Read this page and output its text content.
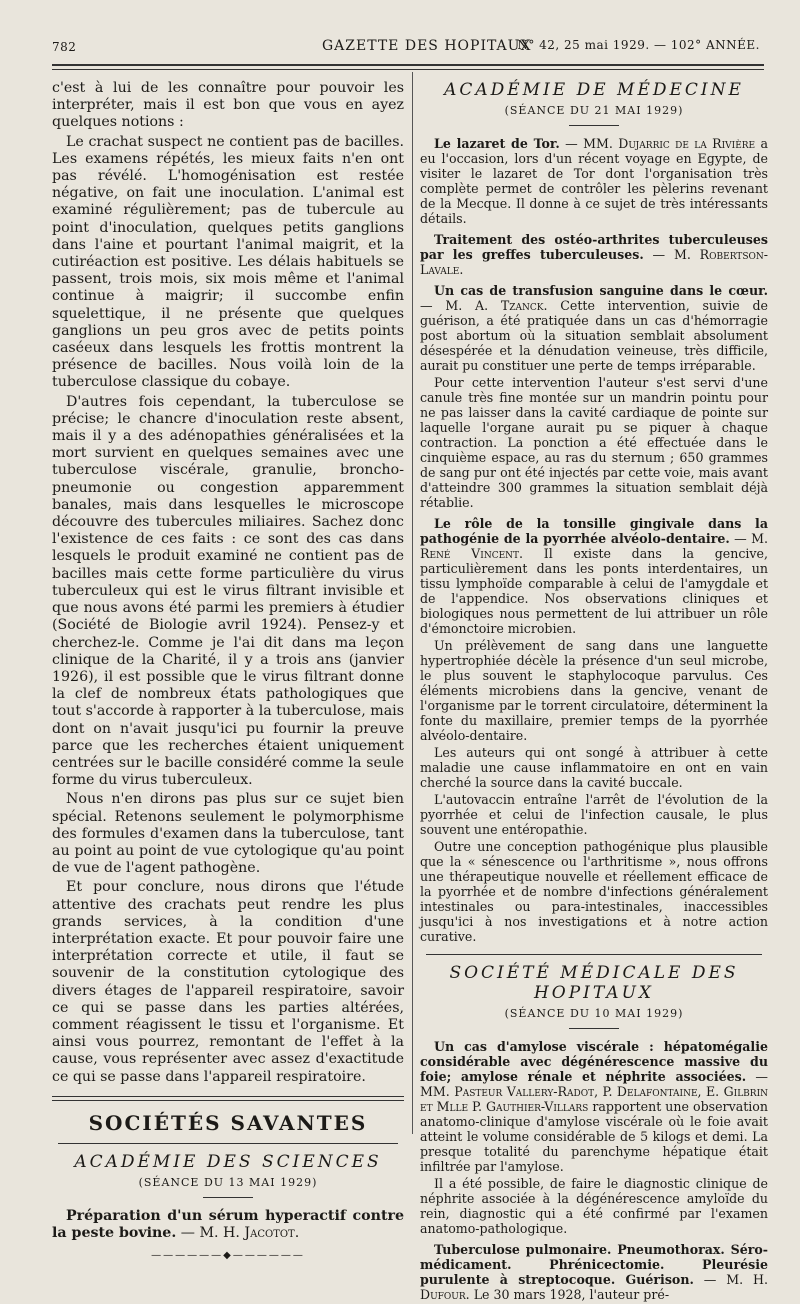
782	GAZETTE DES HOPITAUX
N° 42, 25 mai 1929. — 102° ANNÉE.

c'est à lui de les connaître pour pouvoir les interpréter, mais il est bon que vous en ayez quelques notions :

Le crachat suspect ne contient pas de bacilles. Les examens répétés, les mieux faits n'en ont pas révélé. L'homogénisation est restée négative, on fait une inoculation. L'animal est examiné régulièrement; pas de tubercule au point d'inoculation, quelques petits ganglions dans l'aine et pourtant l'animal maigrit, et la cutiréaction est positive. Les délais habituels se passent, trois mois, six mois même et l'animal continue à maigrir; il succombe enfin squelettique, il ne présente que quelques ganglions un peu gros avec de petits points caséeux dans lesquels les frottis montrent la présence de bacilles. Nous voilà loin de la tuberculose classique du cobaye.

D'autres fois cependant, la tuberculose se précise; le chancre d'inoculation reste absent, mais il y a des adénopathies généralisées et la mort survient en quelques semaines avec une tuberculose viscérale, granulie, broncho-pneumonie ou congestion apparemment banales, mais dans lesquelles le microscope découvre des tubercules miliaires. Sachez donc l'existence de ces faits : ce sont des cas dans lesquels le produit examiné ne contient pas de bacilles mais cette forme particulière du virus tuberculeux qui est le virus filtrant invisible et que nous avons été parmi les premiers à étudier (Société de Biologie avril 1924). Pensez-y et cherchez-le. Comme je l'ai dit dans ma leçon clinique de la Charité, il y a trois ans (janvier 1926), il est possible que le virus filtrant donne la clef de nombreux états pathologiques que tout s'accorde à rapporter à la tuberculose, mais dont on n'avait jusqu'ici pu fournir la preuve parce que les recherches étaient uniquement centrées sur le bacille considéré comme la seule forme du virus tuberculeux.

Nous n'en dirons pas plus sur ce sujet bien spécial. Retenons seulement le polymorphisme des formules d'examen dans la tuberculose, tant au point au point de vue cytologique qu'au point de vue de l'agent pathogène.

Et pour conclure, nous dirons que l'étude attentive des crachats peut rendre les plus grands services, à la condition d'une interprétation exacte. Et pour pouvoir faire une interprétation correcte et utile, il faut se souvenir de la constitution cytologique des divers étages de l'appareil respiratoire, savoir ce qui se passe dans les parties altérées, comment réagissent le tissu et l'organisme. Et ainsi vous pourrez, remontant de l'effet à la cause, vous représenter avec assez d'exactitude ce qui se passe dans l'appareil respiratoire.

SOCIÉTÉS SAVANTES
ACADÉMIE DES SCIENCES
(SÉANCE DU 13 MAI 1929)

Préparation d'un sérum hyperactif contre la peste bovine. — M. H. Jacotot.

——————◆——————
ACADÉMIE DE MÉDECINE
(SÉANCE DU 21 MAI 1929)

Le lazaret de Tor. — MM. Dujarric de la Rivière a eu l'occasion, lors d'un récent voyage en Egypte, de visiter le lazaret de Tor dont l'organisation très complète permet de contrôler les pèlerins revenant de la Mecque. Il donne à ce sujet de très intéressants détails.

Traitement des ostéo-arthrites tuberculeuses par les greffes tuberculeuses. — M. Robertson-Lavale.

Un cas de transfusion sanguine dans le cœur. — M. A. Tzanck. Cette intervention, suivie de guérison, a été pratiquée dans un cas d'hémorragie post abortum où la situation semblait absolument désespérée et la dénudation veineuse, très difficile, aurait pu constituer une perte de temps irréparable.

Pour cette intervention l'auteur s'est servi d'une canule très fine montée sur un mandrin pointu pour ne pas laisser dans la cavité cardiaque de pointe sur laquelle l'organe aurait pu se piquer à chaque contraction. La ponction a été effectuée dans le cinquième espace, au ras du sternum ; 650 grammes de sang pur ont été injectés par cette voie, mais avant d'atteindre 300 grammes la situation semblait déjà rétablie.

Le rôle de la tonsille gingivale dans la pathogénie de la pyorrhée alvéolo-dentaire. — M. René Vincent. Il existe dans la gencive, particulièrement dans les ponts interdentaires, un tissu lymphoïde comparable à celui de l'amygdale et de l'appendice. Nos observations cliniques et biologiques nous permettent de lui attribuer un rôle d'émonctoire microbien.

Un prélèvement de sang dans une languette hypertrophiée décèle la présence d'un seul microbe, le plus souvent le staphylocoque parvulus. Ces éléments microbiens dans la gencive, venant de l'organisme par le torrent circulatoire, déterminent la fonte du maxillaire, premier temps de la pyorrhée alvéolo-dentaire.

Les auteurs qui ont songé à attribuer à cette maladie une cause inflammatoire en ont en vain cherché la source dans la cavité buccale.

L'autovaccin entraîne l'arrêt de l'évolution de la pyorrhée et celui de l'infection causale, le plus souvent une entéropathie.

Outre une conception pathogénique plus plausible que la « sénescence ou l'arthritisme », nous offrons une thérapeutique nouvelle et réellement efficace de la pyorrhée et de nombre d'infections généralement intestinales ou para-intestinales, inaccessibles jusqu'ici à nos investigations et à notre action curative.

SOCIÉTÉ MÉDICALE DES HOPITAUX
(SÉANCE DU 10 MAI 1929)

Un cas d'amylose viscérale : hépatomégalie considérable avec dégénérescence massive du foie; amylose rénale et néphrite associées. — MM. Pasteur Vallery-Radot, P. Delafontaine, E. Gilbrin et Mlle P. Gauthier-Villars rapportent une observation anatomo-clinique d'amylose viscérale où le foie avait atteint le volume considérable de 5 kilogs et demi. La presque totalité du parenchyme hépatique était infiltrée par l'amylose.

Il a été possible, de faire le diagnostic clinique de néphrite associée à la dégénérescence amyloïde du rein, diagnostic qui a été confirmé par l'examen anatomo-pathologique.

Tuberculose pulmonaire. Pneumothorax. Séro-médicament. Phrénicectomie. Pleurésie purulente à streptocoque. Guérison. — M. H. Dufour. Le 30 mars 1928, l'auteur pré-
